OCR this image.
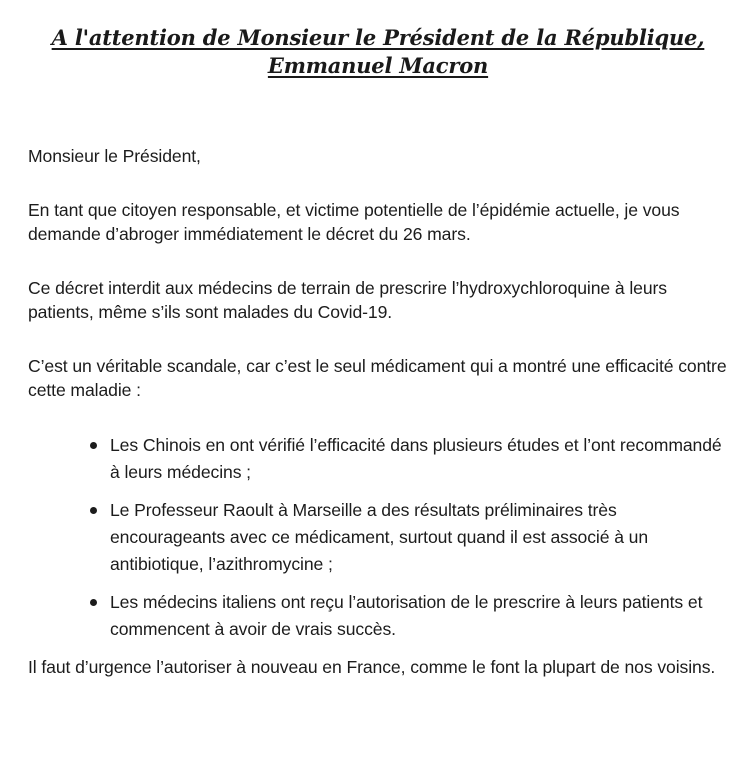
A l'attention de Monsieur le Président de la République, Emmanuel Macron

Monsieur le Président,

En tant que citoyen responsable, et victime potentielle de l’épidémie actuelle, je vous demande d’abroger immédiatement le décret du 26 mars.

Ce décret interdit aux médecins de terrain de prescrire l’hydroxychloroquine à leurs patients, même s’ils sont malades du Covid-19.

C’est un véritable scandale, car c’est le seul médicament qui a montré une efficacité contre cette maladie :

Les Chinois en ont vérifié l’efficacité dans plusieurs études et l’ont recommandé à leurs médecins ;
Le Professeur Raoult à Marseille a des résultats préliminaires très encourageants avec ce médicament, surtout quand il est associé à un antibiotique, l’azithromycine ;
Les médecins italiens ont reçu l’autorisation de le prescrire à leurs patients et commencent à avoir de vrais succès.

Il faut d’urgence l’autoriser à nouveau en France, comme le font la plupart de nos voisins.
